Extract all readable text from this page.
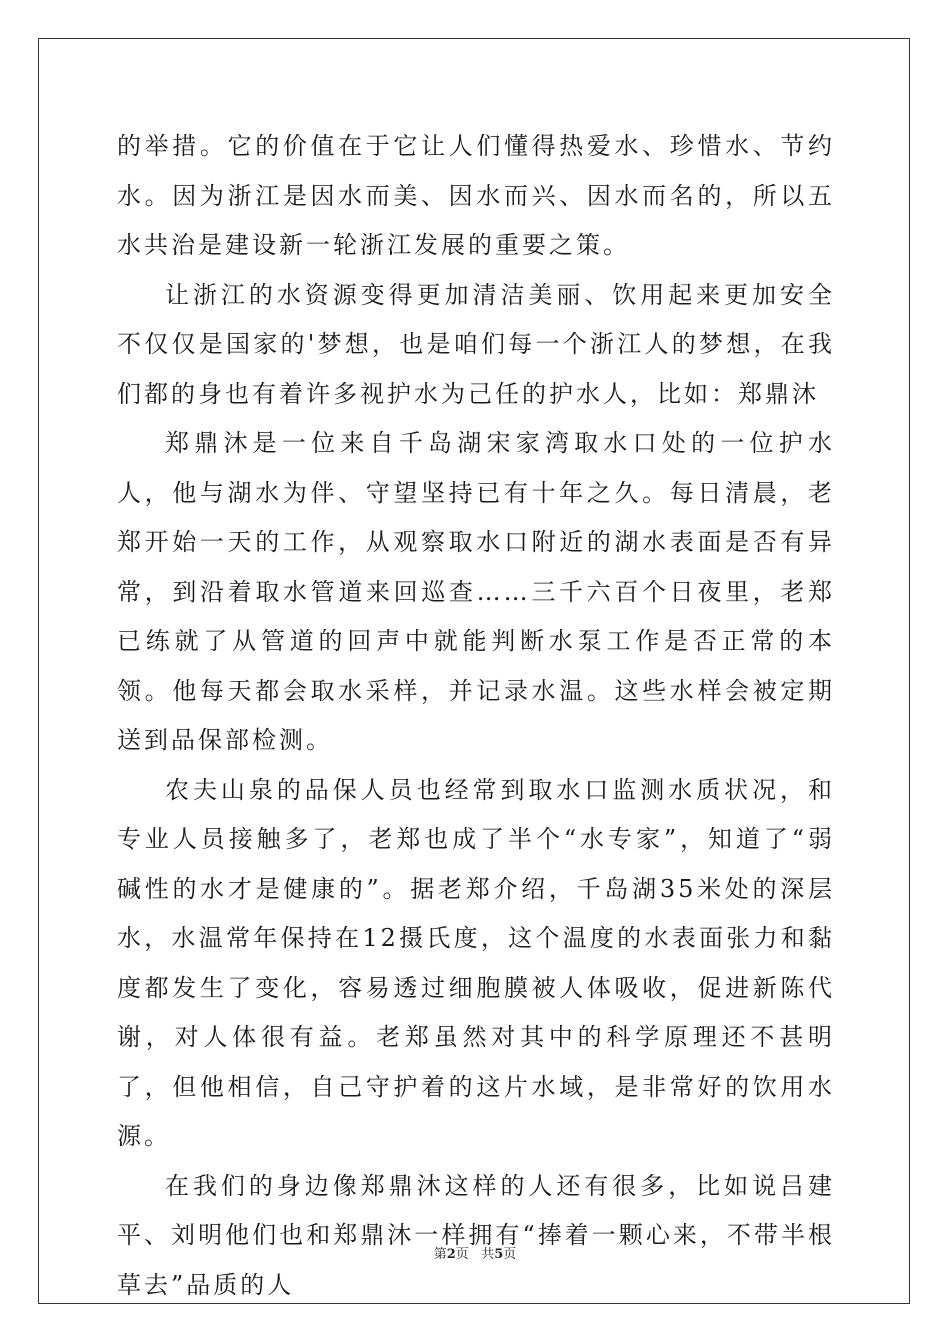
的举措。它的价值在于它让人们懂得热爱水、珍惜水、节约水。因为浙江是因水而美、因水而兴、因水而名的，所以五水共治是建设新一轮浙江发展的重要之策。

让浙江的水资源变得更加清洁美丽、饮用起来更加安全不仅仅是国家的'梦想，也是咱们每一个浙江人的梦想，在我们都的身也有着许多视护水为己任的护水人，比如：郑鼎沐

郑鼎沐是一位来自千岛湖宋家湾取水口处的一位护水人，他与湖水为伴、守望坚持已有十年之久。每日清晨，老郑开始一天的工作，从观察取水口附近的湖水表面是否有异常，到沿着取水管道来回巡查……三千六百个日夜里，老郑已练就了从管道的回声中就能判断水泵工作是否正常的本领。他每天都会取水采样，并记录水温。这些水样会被定期送到品保部检测。

农夫山泉的品保人员也经常到取水口监测水质状况，和专业人员接触多了，老郑也成了半个“水专家”，知道了“弱碱性的水才是健康的”。据老郑介绍，千岛湖35米处的深层水，水温常年保持在12摄氏度，这个温度的水表面张力和黏度都发生了变化，容易透过细胞膜被人体吸收，促进新陈代谢，对人体很有益。老郑虽然对其中的科学原理还不甚明了，但他相信，自己守护着的这片水域，是非常好的饮用水源。

在我们的身边像郑鼎沐这样的人还有很多，比如说吕建平、刘明他们也和郑鼎沐一样拥有“捧着一颗心来，不带半根草去”品质的人

第2页 共5页
